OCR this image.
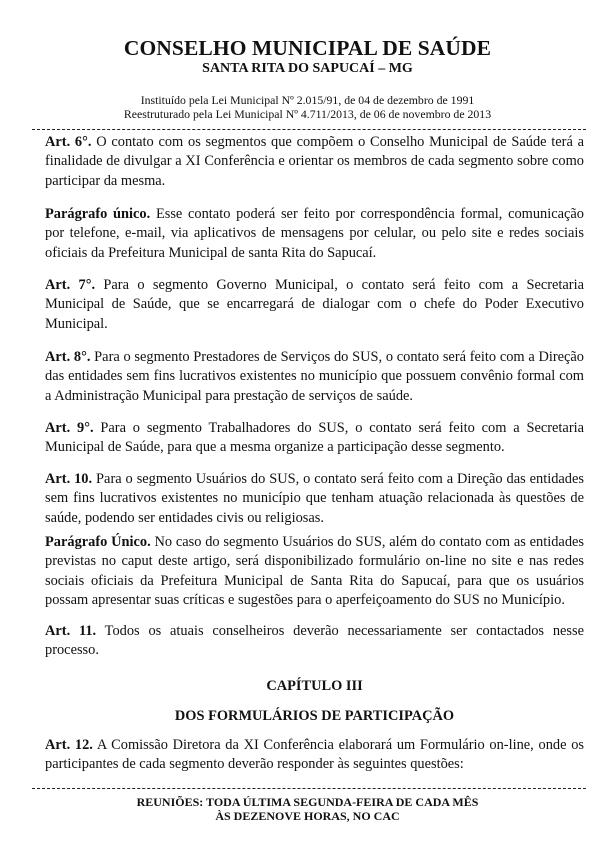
CONSELHO MUNICIPAL DE SAÚDE
SANTA RITA DO SAPUCAÍ – MG
Instituído pela Lei Municipal Nº 2.015/91, de 04 de dezembro de 1991
Reestruturado pela Lei Municipal Nº 4.711/2013, de 06 de novembro de 2013

Art. 6°. O contato com os segmentos que compõem o Conselho Municipal de Saúde terá a finalidade de divulgar a XI Conferência e orientar os membros de cada segmento sobre como participar da mesma.

Parágrafo único. Esse contato poderá ser feito por correspondência formal, comunicação por telefone, e-mail, via aplicativos de mensagens por celular, ou pelo site e redes sociais oficiais da Prefeitura Municipal de santa Rita do Sapucaí.

Art. 7°. Para o segmento Governo Municipal, o contato será feito com a Secretaria Municipal de Saúde, que se encarregará de dialogar com o chefe do Poder Executivo Municipal.

Art. 8°. Para o segmento Prestadores de Serviços do SUS, o contato será feito com a Direção das entidades sem fins lucrativos existentes no município que possuem convênio formal com a Administração Municipal para prestação de serviços de saúde.

Art. 9°. Para o segmento Trabalhadores do SUS, o contato será feito com a Secretaria Municipal de Saúde, para que a mesma organize a participação desse segmento.

Art. 10. Para o segmento Usuários do SUS, o contato será feito com a Direção das entidades sem fins lucrativos existentes no município que tenham atuação relacionada às questões de saúde, podendo ser entidades civis ou religiosas.

Parágrafo Único. No caso do segmento Usuários do SUS, além do contato com as entidades previstas no caput deste artigo, será disponibilizado formulário on-line no site e nas redes sociais oficiais da Prefeitura Municipal de Santa Rita do Sapucaí, para que os usuários possam apresentar suas críticas e sugestões para o aperfeiçoamento do SUS no Município.

Art. 11. Todos os atuais conselheiros deverão necessariamente ser contactados nesse processo.

CAPÍTULO III
DOS FORMULÁRIOS DE PARTICIPAÇÃO

Art. 12. A Comissão Diretora da XI Conferência elaborará um Formulário on-line, onde os participantes de cada segmento deverão responder às seguintes questões:

REUNIÕES: TODA ÚLTIMA SEGUNDA-FEIRA DE CADA MÊS
ÀS DEZENOVE HORAS, NO CAC
